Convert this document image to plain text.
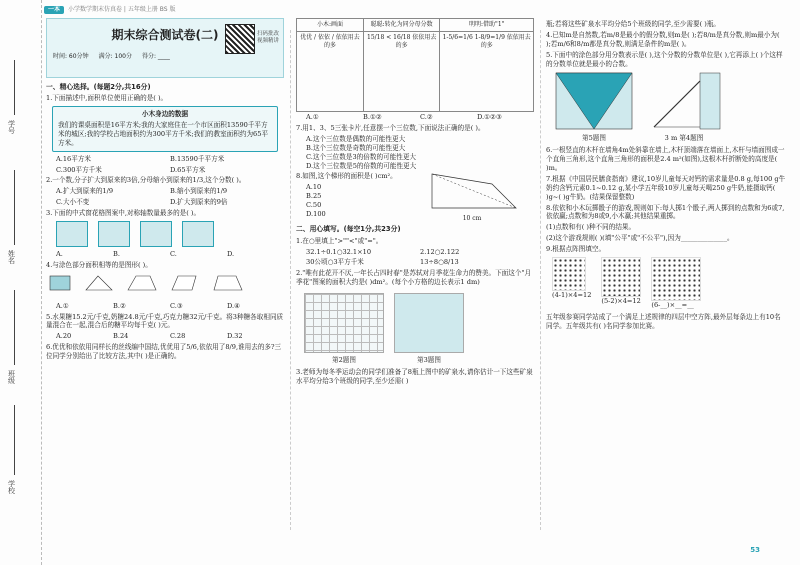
一本	小学数学期末仿真卷 | 五年级上册 BS 版
学号
姓名
班级
学校
期末综合测试卷(二)
时间: 60分钟 满分: 100分 得分: ____
扫码批改 视频精讲
一、精心选择。(每题2分,共16分)
1.下面描述中,面积单位使用正确的是( )。
小木身边的数据
我们的课桌面积是16平方米;我的大家庭住在一个市区面积13590千平方米的城区;我的学校占地面积约为300平方千米;我们的教室面积约为65平方米。
A.16平方米	B.13590千平方米
C.300平方千米	D.65平方米
2.一个数,分子扩大到原来的3倍,分母缩小到原来的1/3,这个分数( )。
A.扩大到原来的1/9	B.缩小到原来的1/9
C.大小不变	D.扩大到原来的9倍
3.下面的中式窗花格图案中,对称轴数量最多的是( )。
A.	B.	C.	D.
4.与涂色部分面积相等的是图形( )。
A.①	B.②	C.③	D.④
5.水果糖15.2元/千克,奶糖24.8元/千克,巧克力糖32元/千克。将3种糖各取相同质量混合在一起,混合后的糖平均每千克( )元。
A.20	B.24	C.28	D.32
6.优优和依依用同样长的丝线编中国结,优优用了5/6,依依用了8/9,谁用去的多?三位同学分别给出了比较方法,其中( )是正确的。
小木:画面	聪聪:转化为同分母分数	明明:借助"1"
优优 / 依依 / 依依用去的多	15/18 < 16/18 依依用去的多	1-5/6=1/6 1-8/9=1/9 依依用去的多
A.①	B.①②	C.②	D.①②③
7.用1、3、5三张卡片,任意摆一个三位数,下面说法正确的是( )。
A.这个三位数是偶数的可能性更大
B.这个三位数是奇数的可能性更大
C.这个三位数是3的倍数的可能性更大
D.这个三位数是5的倍数的可能性更大
8.如图,这个梯形的面积是( )cm²。
A.10
B.25
C.50
D.100
10 cm
二、用心填写。(每空1分,共23分)
1.在○里填上">""<"或"="。
32.1÷0.1○32.1×10	2.12○2.122
30公顷○3平方千米	13÷8○8/13
2."唯有此花开不厌,一年长占四时春"是苏轼对月季花生命力的赞美。下面这个"月季花"图案的面积大约是( )dm²。(每个小方格的边长表示1 dm)
第2题图	第3题图
3.老师为每冬季运动会的同学们准备了8瓶上图中的矿泉水,请你估计一下这些矿泉水平均分给3个班级的同学,至少还需( )
瓶;若将这些矿泉水平均分给5个班级的同学,至少需要( )瓶。
4.已知m是自然数,若m/8是最小的假分数,则m是( );若8/m是真分数,则m最小为( );若m/6和8/m都是真分数,则满足条件的m是( )。
5.下面中的涂色部分用分数表示是( ),这个分数的分数单位是( ),它再添上( )个这样的分数单位就是最小的合数。
第5题图	3 m 第4题图
6.一根竖直的木杆在墙角4m处斜靠在墙上,木杆顶端落在墙面上,木杆与墙面围成一个直角三角形,这个直角三角形的面积是2.4 m²(如图),这根木杆折断处的高度是( )m。
7.根据《中国居民膳食指南》建议,10岁儿童每天对钙的需求量是0.8 g,每100 g牛奶约含钙元素0.1~0.12 g,某小学五年级10岁儿童每天喝250 g牛奶,能摄取钙( )g~( )g牛奶。(结果保留整数)
8.依依和小木玩掷骰子的游戏,规则如下:每人掷1个骰子,两人掷到的点数和为6或7,依依赢;点数和为8或9,小木赢;其他结果重掷。
(1)点数和有( )种不同的结果。
(2)这个游戏规则( )(填"公平"或"不公平"),因为______________。
9.根据点阵图填空。
(4-1)×4=12
(5-2)×4=12 (6-__)×__=__
五年级参赛同学站成了一个满足上述规律的四层中空方阵,最外层每条边上有10名同学。五年级共有( )名同学参加比赛。
53
